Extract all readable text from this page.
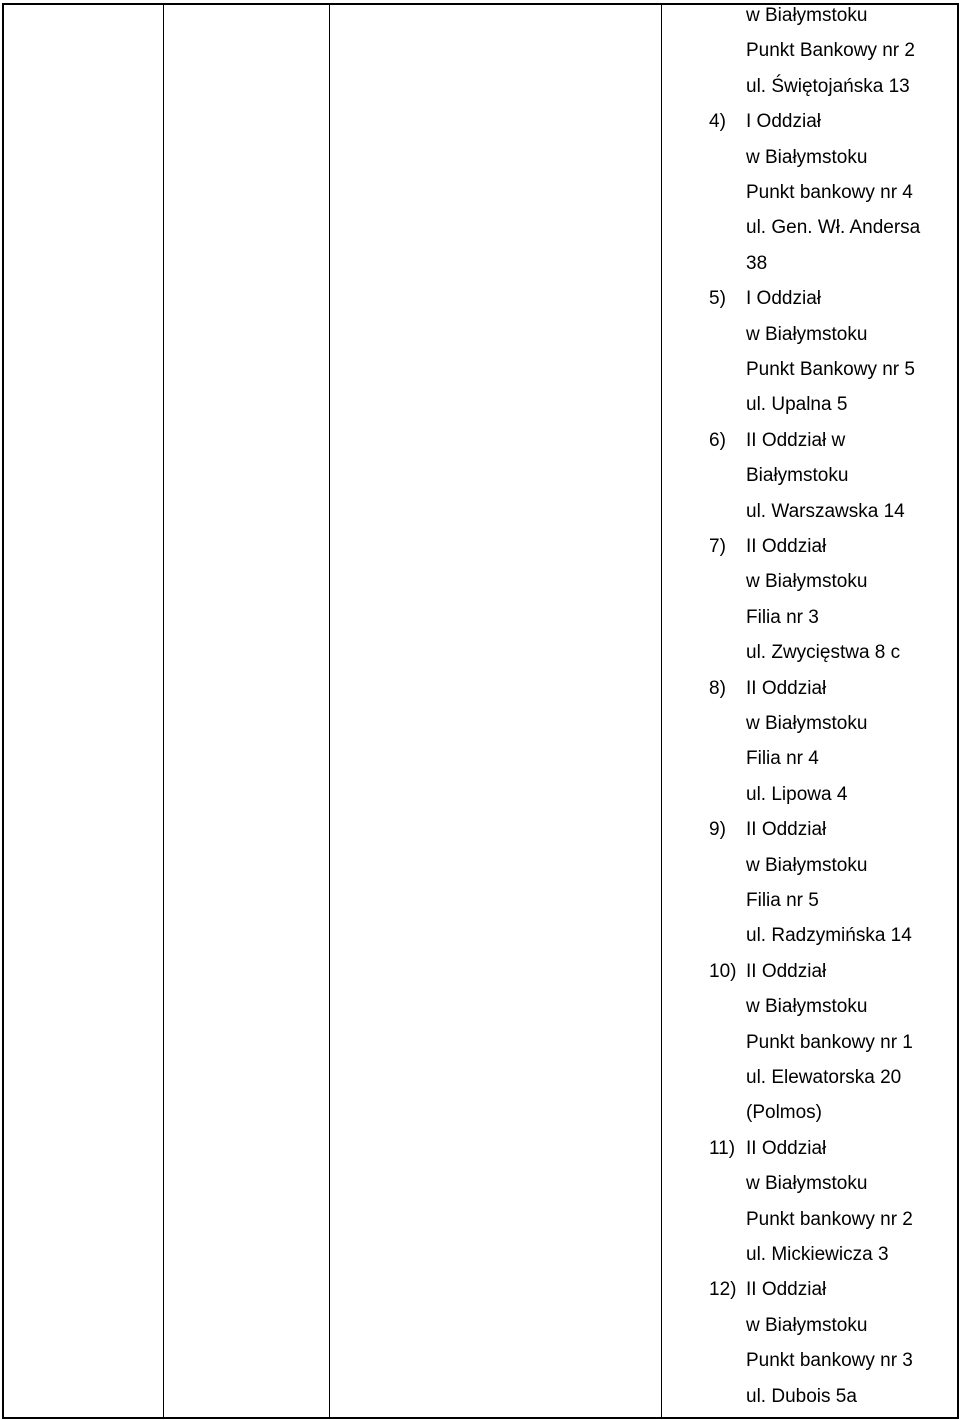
w Białymstoku
Punkt Bankowy nr 2
ul. Świętojańska 13
4) I Oddział
w Białymstoku
Punkt bankowy nr 4
ul. Gen. Wł. Andersa
38
5) I Oddział
w Białymstoku
Punkt Bankowy nr 5
ul. Upalna 5
6) II Oddział w
Białymstoku
ul. Warszawska 14
7) II Oddział
w Białymstoku
Filia nr 3
ul. Zwycięstwa 8 c
8) II Oddział
w Białymstoku
Filia nr 4
ul. Lipowa 4
9) II Oddział
w Białymstoku
Filia nr 5
ul. Radzymińska 14
10) II Oddział
w Białymstoku
Punkt bankowy nr 1
ul. Elewatorska 20
(Polmos)
11) II Oddział
w Białymstoku
Punkt bankowy nr 2
ul. Mickiewicza 3
12) II Oddział
w Białymstoku
Punkt bankowy nr 3
ul. Dubois 5a
